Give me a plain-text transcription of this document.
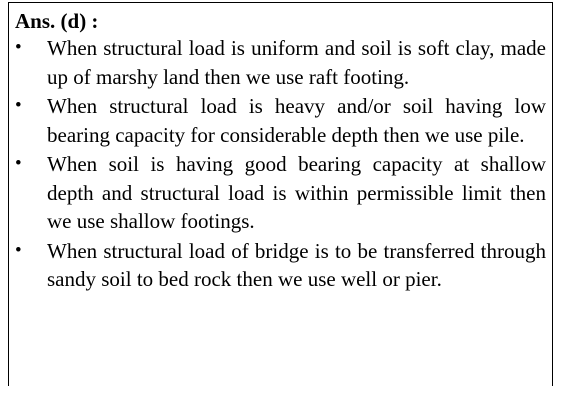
Ans. (d) :
•	When structural load is uniform and soil is soft clay, made up of marshy land then we use raft footing.
•	When structural load is heavy and/or soil having low bearing capacity for considerable depth then we use pile.
•	When soil is having good bearing capacity at shallow depth and structural load is within permissible limit then we use shallow footings.
•	When structural load of bridge is to be transferred through sandy soil to bed rock then we use well or pier.
